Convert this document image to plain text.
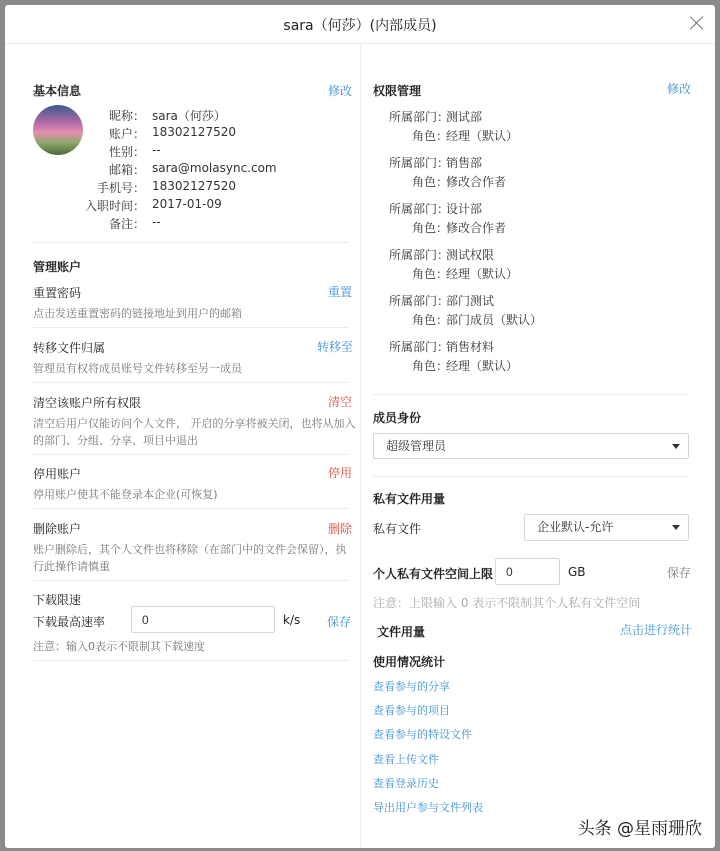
sara（何莎）(内部成员)
基本信息	修改
昵称： sara（何莎）
账户： 18302127520
性别： --
邮箱： sara@molasync.com
手机号： 18302127520
入职时间： 2017-01-09
备注： --
管理账户
重置密码	重置
点击发送重置密码的链接地址到用户的邮箱
转移文件归属	转移至
管理员有权将成员账号文件转移至另一成员
清空该账户所有权限	清空
清空后用户仅能访问个人文件， 开启的分享将被关闭，也将从加入
的部门、分组、分享、项目中退出
停用账户	停用
停用账户使其不能登录本企业(可恢复)
删除账户	删除
账户删除后，其个人文件也将移除（在部门中的文件会保留），执
行此操作请慎重
下载限速
下载最高速率
0	k/s 保存
注意：输入0表示不限制其下载速度
权限管理	修改
所属部门：
测试部
角色：
经理（默认）
所属部门：
销售部
角色：
修改合作者
所属部门：
设计部
角色：
修改合作者
所属部门：
测试权限
角色：
经理（默认）
所属部门：
部门测试
角色：
部门成员（默认）
所属部门：
销售材料
角色：
经理（默认）
成员身份
超级管理员
私有文件用量
私有文件	企业默认-允许
个人私有文件空间上限
0	GB	保存
注意：上限输入 0 表示不限制其个人私有文件空间
文件用量	点击进行统计
使用情况统计
查看参与的分享
查看参与的项目
查看参与的特设文件
查看上传文件
查看登录历史
导出用户参与文件列表
头条 @星雨珊欣
